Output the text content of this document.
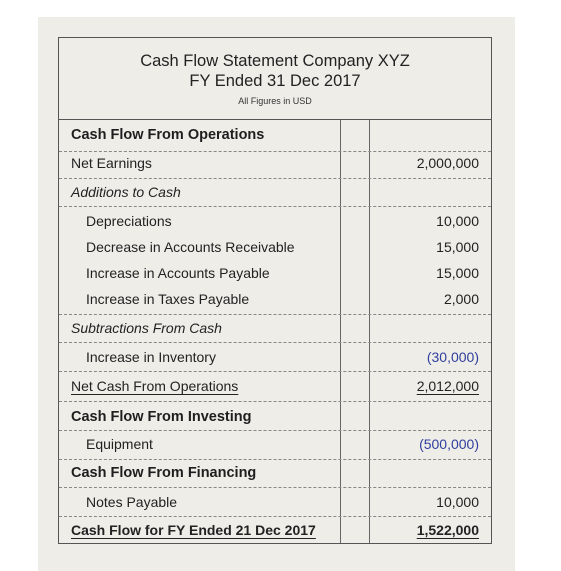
Cash Flow Statement Company XYZ
FY Ended 31 Dec 2017
All Figures in USD
Cash Flow From Operations
Net Earnings	2,000,000
Additions to Cash
Depreciations	10,000
Decrease in Accounts Receivable	15,000
Increase in Accounts Payable	15,000
Increase in Taxes Payable	2,000
Subtractions From Cash
Increase in Inventory	(30,000)
Net Cash From Operations	2,012,000
Cash Flow From Investing
Equipment	(500,000)
Cash Flow From Financing
Notes Payable	10,000
Cash Flow for FY Ended 21 Dec 2017	1,522,000
